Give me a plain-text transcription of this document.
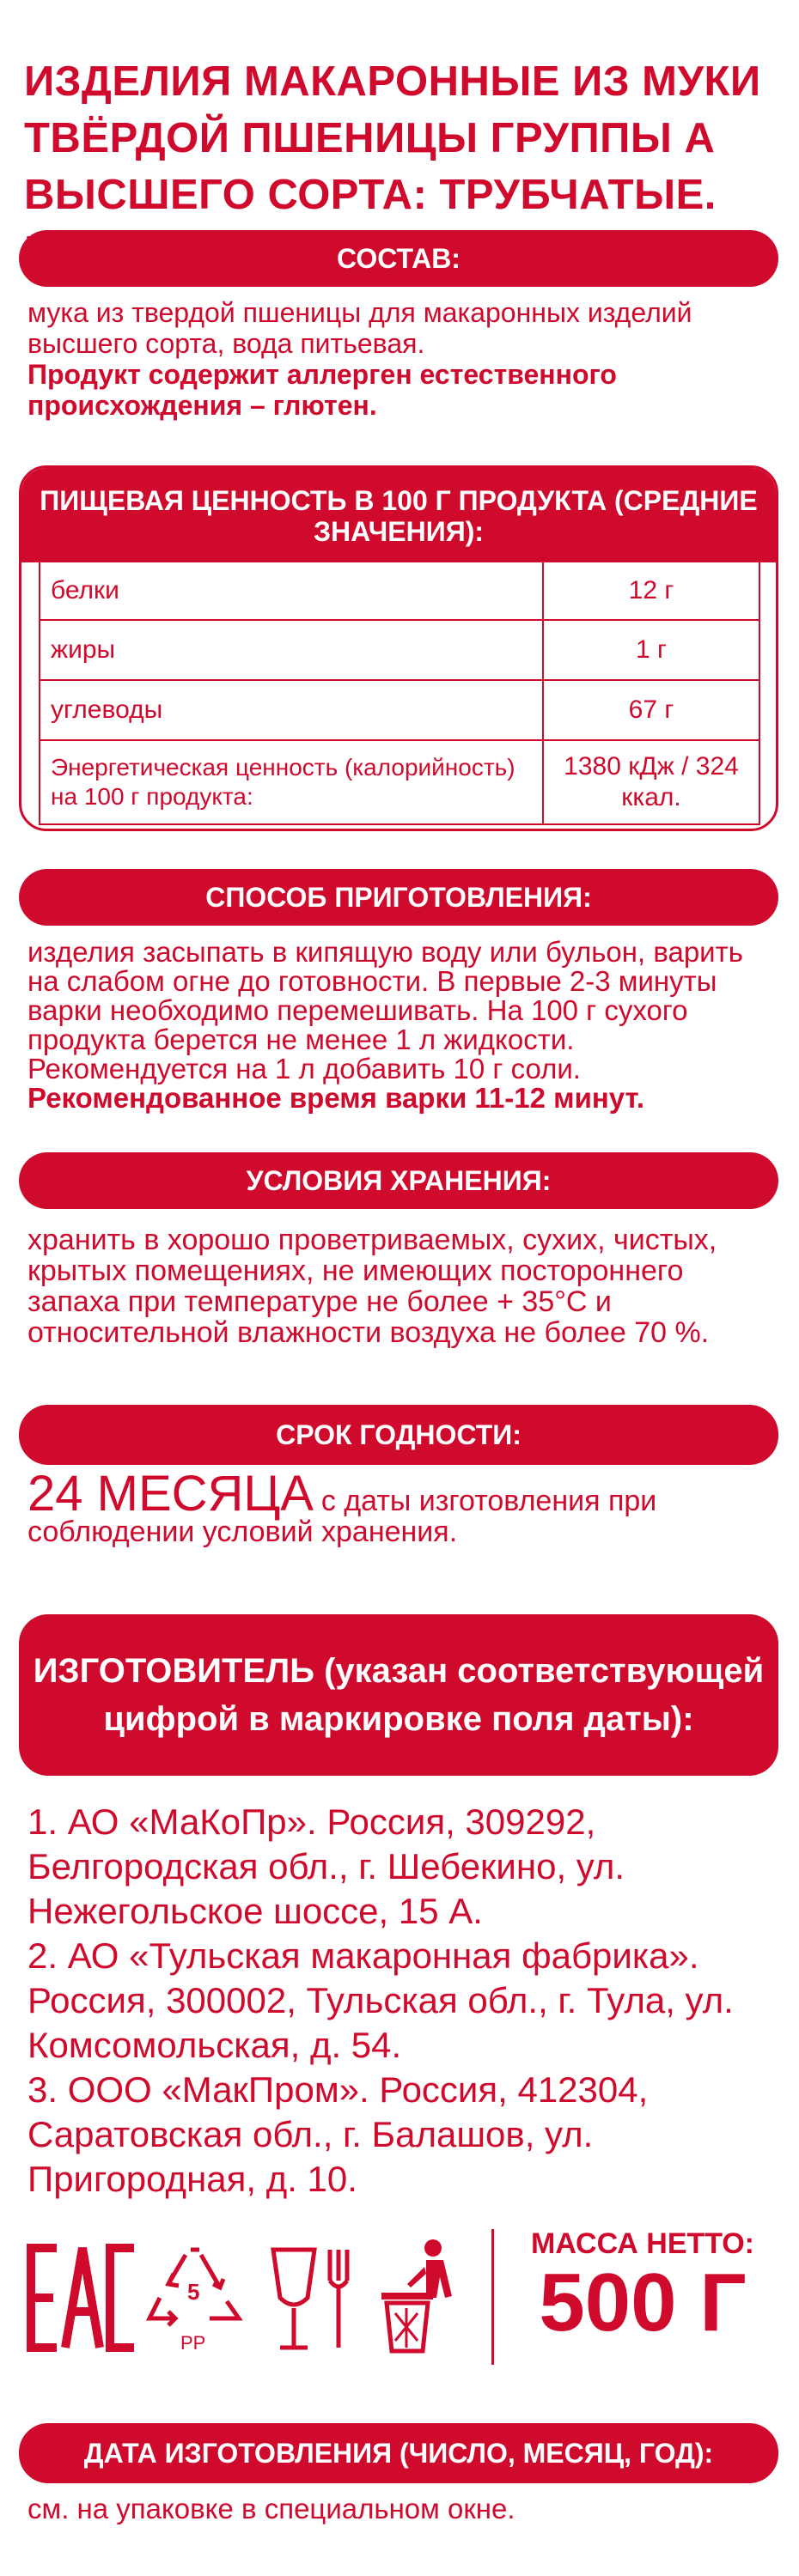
ИЗДЕЛИЯ МАКАРОННЫЕ ИЗ МУКИ ТВЁРДОЙ ПШЕНИЦЫ ГРУППЫ А ВЫСШЕГО СОРТА: ТРУБЧАТЫЕ.
СОСТАВ:
мука из твердой пшеницы для макаронных изделий высшего сорта, вода питьевая.
Продукт содержит аллерген естественного происхождения – глютен.
ПИЩЕВАЯ ЦЕННОСТЬ В 100 Г ПРОДУКТА (СРЕДНИЕ ЗНАЧЕНИЯ):
белки	12 г
жиры	1 г
углеводы	67 г
Энергетическая ценность (калорийность) на 100 г продукта:	1380 кДж / 324 ккал.
СПОСОБ ПРИГОТОВЛЕНИЯ:
изделия засыпать в кипящую воду или бульон, варить на слабом огне до готовности. В первые 2-3 минуты варки необходимо перемешивать. На 100 г сухого продукта берется не менее 1 л жидкости. Рекомендуется на 1 л добавить 10 г соли.
Рекомендованное время варки 11-12 минут.
УСЛОВИЯ ХРАНЕНИЯ:
хранить в хорошо проветриваемых, сухих, чистых, крытых помещениях, не имеющих постороннего запаха при температуре не более + 35°С и относительной влажности воздуха не более 70 %.
СРОК ГОДНОСТИ:
24 МЕСЯЦА с даты изготовления при соблюдении условий хранения.
ИЗГОТОВИТЕЛЬ (указан соответствующей цифрой в маркировке поля даты):
1. АО «МаКоПр». Россия, 309292, Белгородская обл., г. Шебекино, ул. Нежегольское шоссе, 15 А.
2. АО «Тульская макаронная фабрика». Россия, 300002, Тульская обл., г. Тула, ул. Комсомольская, д. 54.
3. ООО «МакПром». Россия, 412304, Саратовская обл., г. Балашов, ул. Пригородная, д. 10.
5
PP
МАССА НЕТТО:
500 Г
ДАТА ИЗГОТОВЛЕНИЯ (ЧИСЛО, МЕСЯЦ, ГОД):
см. на упаковке в специальном окне.
